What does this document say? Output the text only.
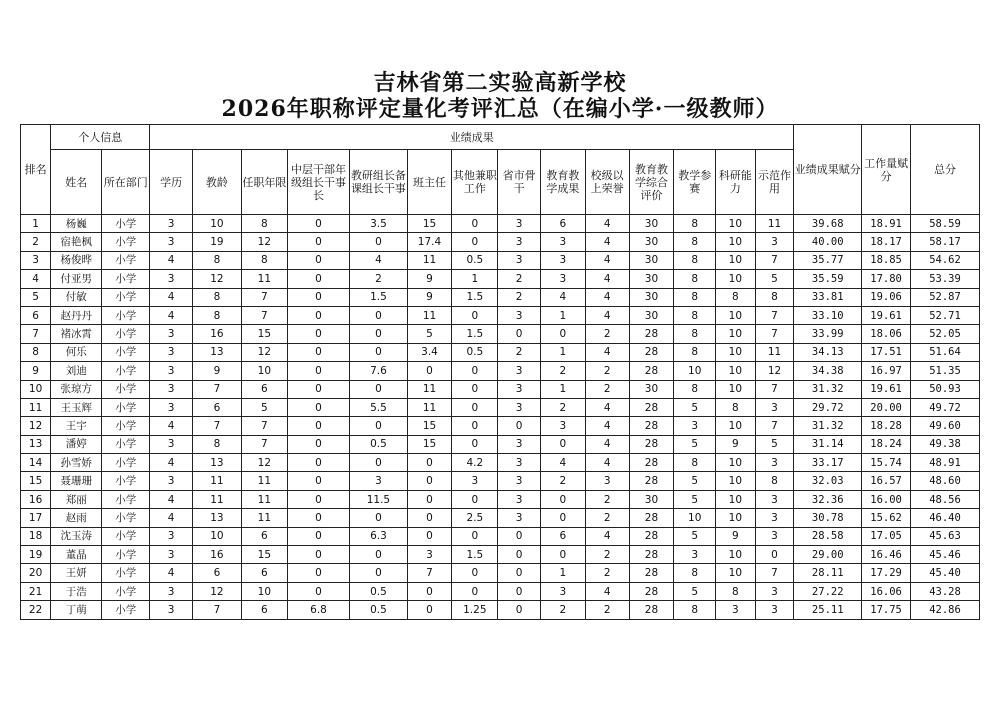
吉林省第二实验高新学校
2026年职称评定量化考评汇总（在编小学·一级教师）
排名	个人信息		业绩成果														业绩成果赋分	工作量赋分	总分
	姓名	所在部门	学历	教龄	任职年限	中层干部年级组长干事长	教研组长备课组长干事	班主任	其他兼职工作	省市骨干	教育教学成果	校级以上荣誉	教育教学综合评价	教学参赛	科研能力	示范作用			
1	杨巍	小学	3	10	8	0	3.5	15	0	3	6	4	30	8	10	11	39.68	18.91	58.59
2	宿艳枫	小学	3	19	12	0	0	17.4	0	3	3	4	30	8	10	3	40.00	18.17	58.17
3	杨俊晔	小学	4	8	8	0	4	11	0.5	3	3	4	30	8	10	7	35.77	18.85	54.62
4	付亚男	小学	3	12	11	0	2	9	1	2	3	4	30	8	10	5	35.59	17.80	53.39
5	付敏	小学	4	8	7	0	1.5	9	1.5	2	4	4	30	8	8	8	33.81	19.06	52.87
6	赵丹丹	小学	4	8	7	0	0	11	0	3	1	4	30	8	10	7	33.10	19.61	52.71
7	褚冰霄	小学	3	16	15	0	0	5	1.5	0	0	2	28	8	10	7	33.99	18.06	52.05
8	何乐	小学	3	13	12	0	0	3.4	0.5	2	1	4	28	8	10	11	34.13	17.51	51.64
9	刘迪	小学	3	9	10	0	7.6	0	0	3	2	2	28	10	10	12	34.38	16.97	51.35
10	张琼方	小学	3	7	6	0	0	11	0	3	1	2	30	8	10	7	31.32	19.61	50.93
11	王玉辉	小学	3	6	5	0	5.5	11	0	3	2	4	28	5	8	3	29.72	20.00	49.72
12	王宇	小学	4	7	7	0	0	15	0	0	3	4	28	3	10	7	31.32	18.28	49.60
13	潘婷	小学	3	8	7	0	0.5	15	0	3	0	4	28	5	9	5	31.14	18.24	49.38
14	孙雪娇	小学	4	13	12	0	0	0	4.2	3	4	4	28	8	10	3	33.17	15.74	48.91
15	聂珊珊	小学	3	11	11	0	3	0	3	3	2	3	28	5	10	8	32.03	16.57	48.60
16	郑丽	小学	4	11	11	0	11.5	0	0	3	0	2	30	5	10	3	32.36	16.00	48.56
17	赵雨	小学	4	13	11	0	0	0	2.5	3	0	2	28	10	10	3	30.78	15.62	46.40
18	沈玉涛	小学	3	10	6	0	6.3	0	0	0	6	4	28	5	9	3	28.58	17.05	45.63
19	董晶	小学	3	16	15	0	0	3	1.5	0	0	2	28	3	10	0	29.00	16.46	45.46
20	王妍	小学	4	6	6	0	0	7	0	0	1	2	28	8	10	7	28.11	17.29	45.40
21	于浩	小学	3	12	10	0	0.5	0	0	0	3	4	28	5	8	3	27.22	16.06	43.28
22	丁萌	小学	3	7	6	6.8	0.5	0	1.25	0	2	2	28	8	3	3	25.11	17.75	42.86
